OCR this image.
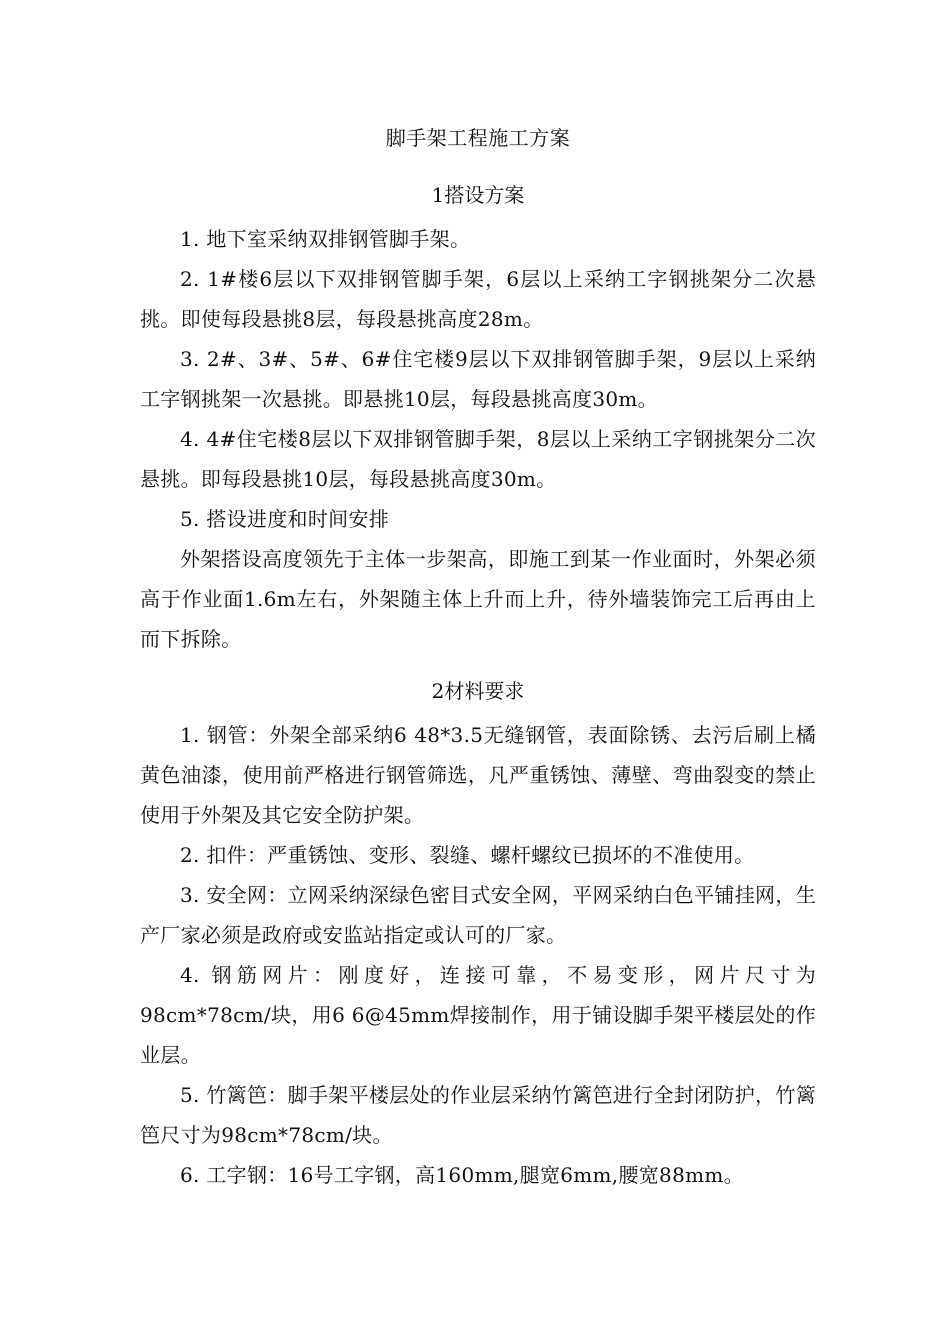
脚手架工程施工方案
1搭设方案

1. 地下室采纳双排钢管脚手架。

2. 1#楼6层以下双排钢管脚手架，6层以上采纳工字钢挑架分二次悬挑。即使每段悬挑8层，每段悬挑高度28m。

3. 2#、3#、5#、6#住宅楼9层以下双排钢管脚手架，9层以上采纳工字钢挑架一次悬挑。即悬挑10层，每段悬挑高度30m。

4. 4#住宅楼8层以下双排钢管脚手架，8层以上采纳工字钢挑架分二次悬挑。即每段悬挑10层，每段悬挑高度30m。

5. 搭设进度和时间安排

外架搭设高度领先于主体一步架高，即施工到某一作业面时，外架必须高于作业面1.6m左右，外架随主体上升而上升，待外墙装饰完工后再由上而下拆除。

2材料要求

1. 钢管：外架全部采纳6 48*3.5无缝钢管，表面除锈、去污后刷上橘黄色油漆，使用前严格进行钢管筛选，凡严重锈蚀、薄壁、弯曲裂变的禁止使用于外架及其它安全防护架。

2. 扣件：严重锈蚀、变形、裂缝、螺杆螺纹已损坏的不准使用。

3. 安全网：立网采纳深绿色密目式安全网，平网采纳白色平铺挂网，生产厂家必须是政府或安监站指定或认可的厂家。

4. 钢筋网片：刚度好，连接可靠，不易变形，网片尺寸为98cm*78cm/块，用6 6@45mm焊接制作，用于铺设脚手架平楼层处的作业层。

5. 竹篱笆：脚手架平楼层处的作业层采纳竹篱笆进行全封闭防护，竹篱笆尺寸为98cm*78cm/块。

6. 工字钢：16号工字钢，高160mm,腿宽6mm,腰宽88mm。
